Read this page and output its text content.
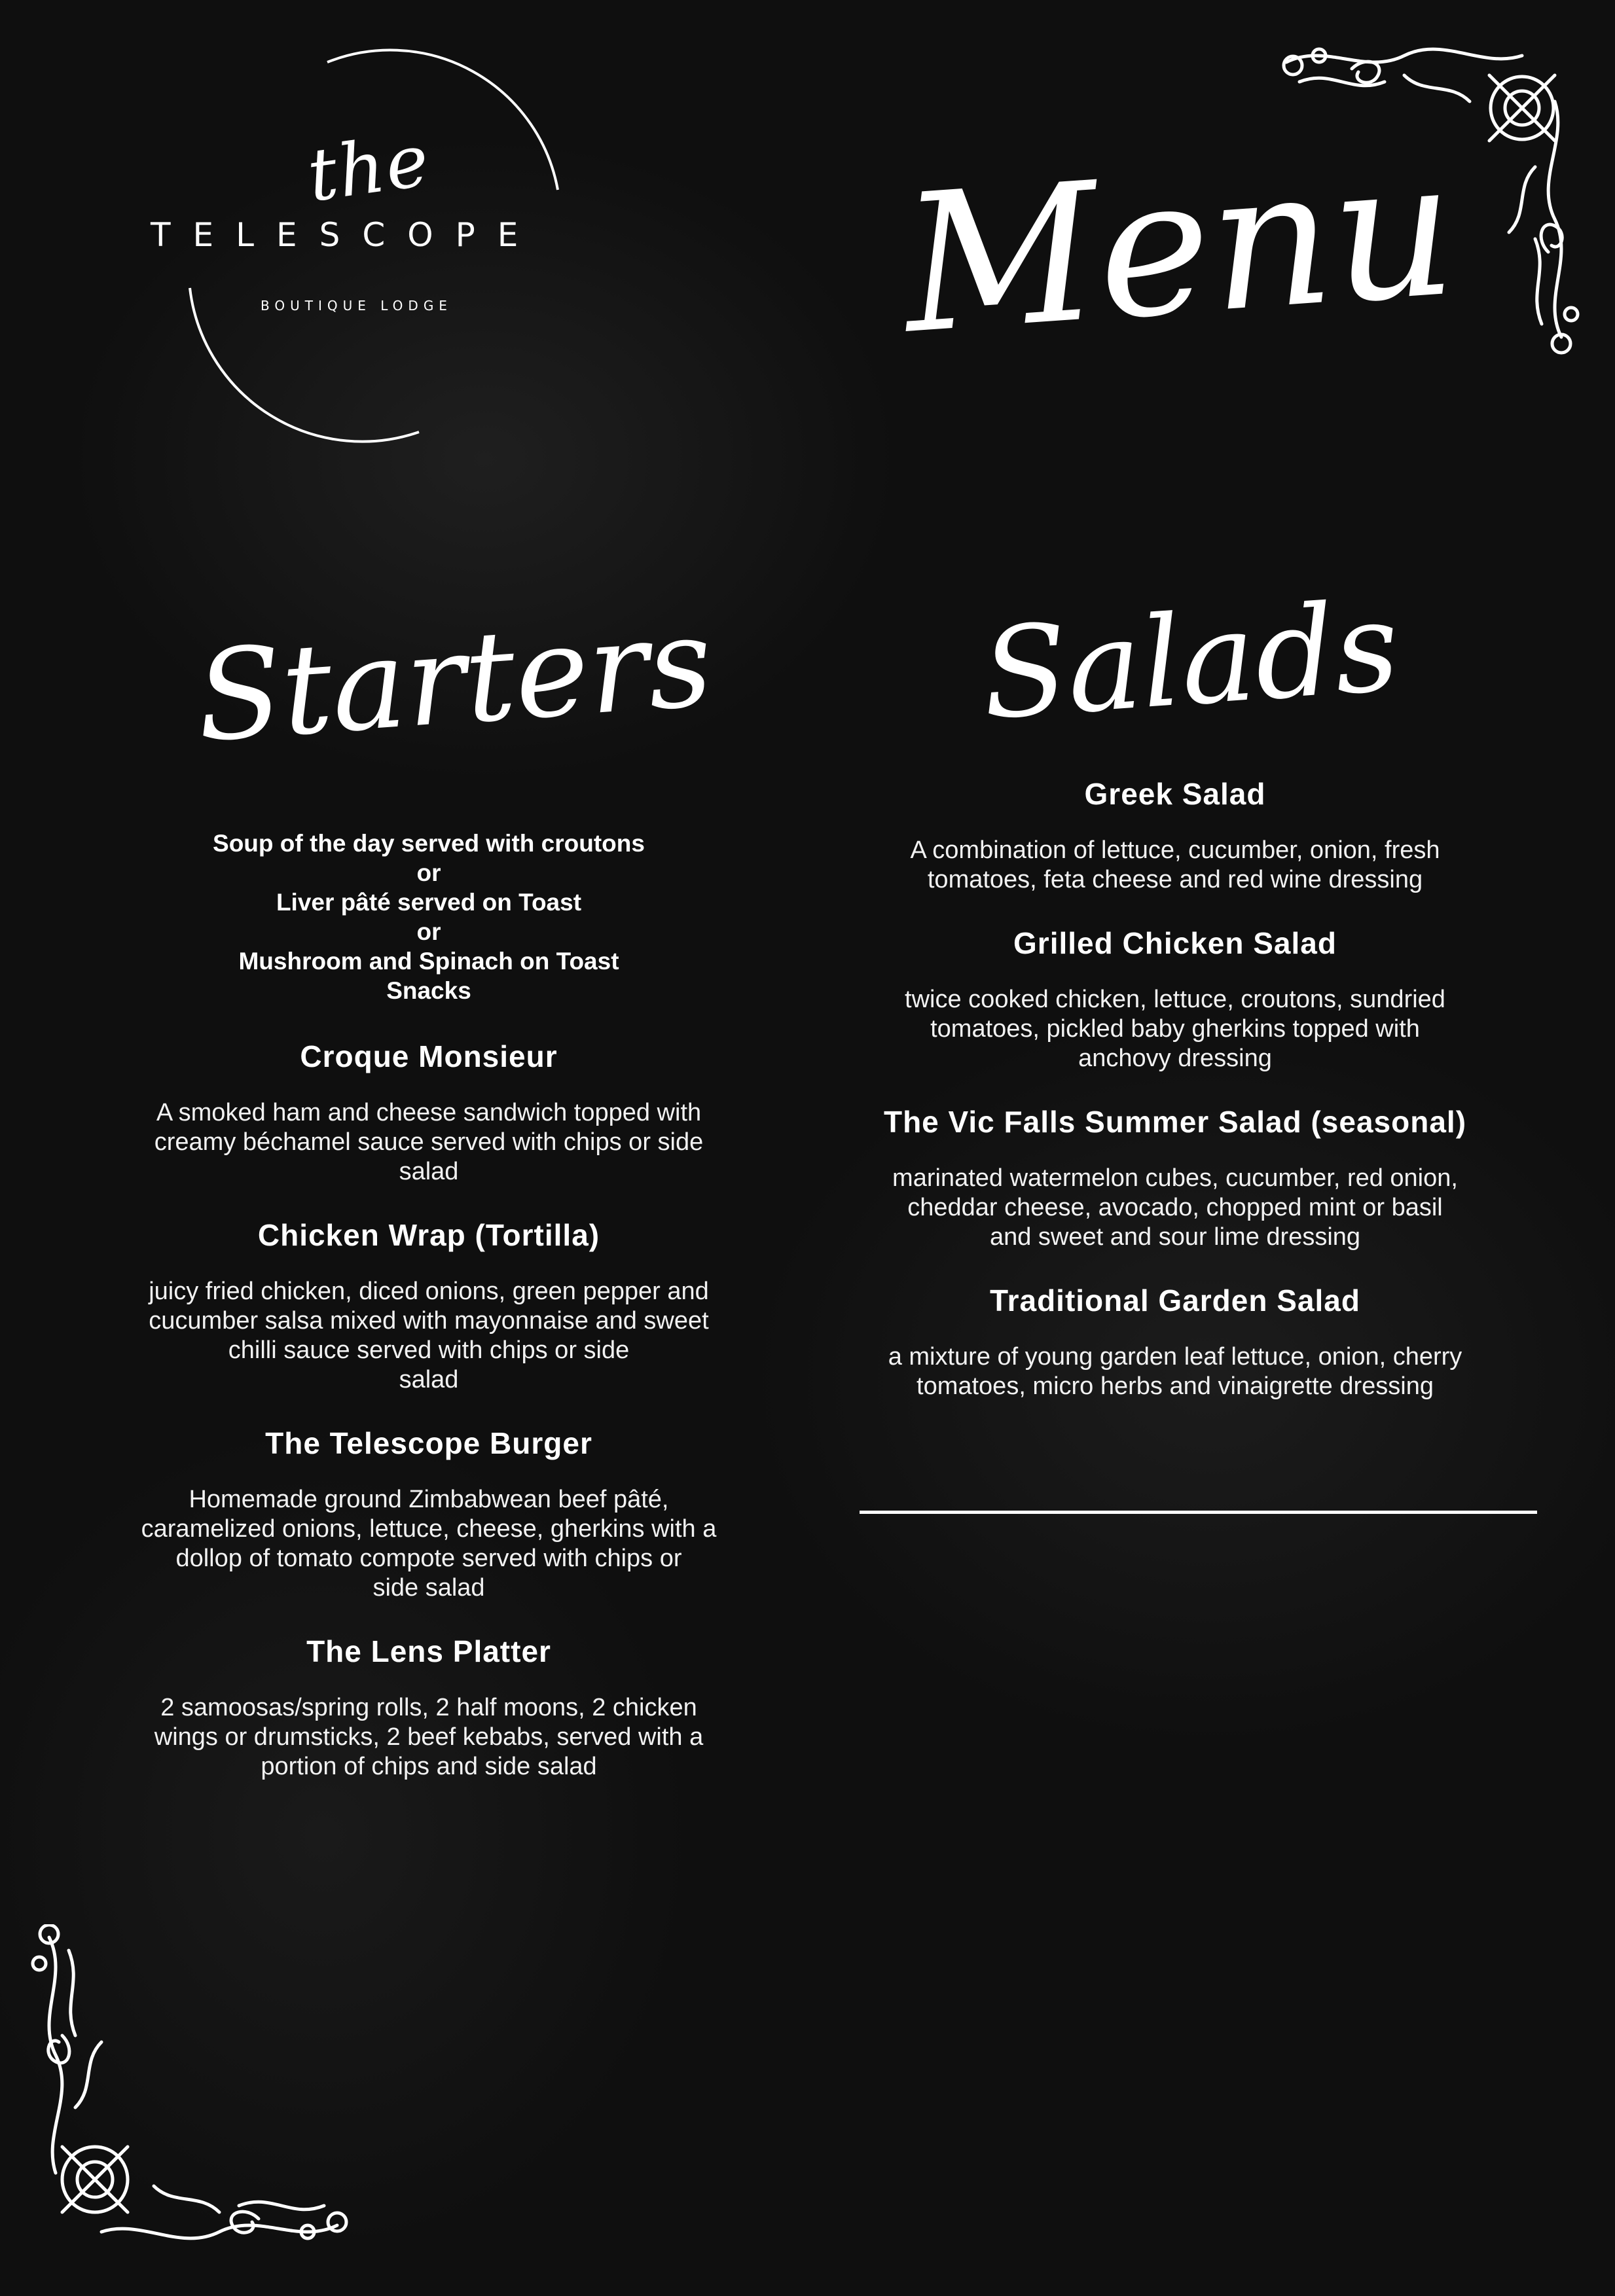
the
TELESCOPE
BOUTIQUE LODGE	Menu
Starters Salads

Soup of the day served with croutons

or

Liver pâté served on Toast

or

Mushroom and Spinach on Toast

Snacks

Croque Monsieur

A smoked ham and cheese sandwich topped with
creamy béchamel sauce served with chips or side
salad

Chicken Wrap (Tortilla)

juicy fried chicken, diced onions, green pepper and
cucumber salsa mixed with mayonnaise and sweet
chilli sauce served with chips or side
salad

The Telescope Burger

Homemade ground Zimbabwean beef pâté,
caramelized onions, lettuce, cheese, gherkins with a
dollop of tomato compote served with chips or
side salad

The Lens Platter

2 samoosas/spring rolls, 2 half moons, 2 chicken
wings or drumsticks, 2 beef kebabs, served with a
portion of chips and side salad

Greek Salad

A combination of lettuce, cucumber, onion, fresh
tomatoes, feta cheese and red wine dressing

Grilled Chicken Salad

twice cooked chicken, lettuce, croutons, sundried
tomatoes, pickled baby gherkins topped with
anchovy dressing

The Vic Falls Summer Salad (seasonal)

marinated watermelon cubes, cucumber, red onion,
cheddar cheese, avocado, chopped mint or basil
and sweet and sour lime dressing

Traditional Garden Salad

a mixture of young garden leaf lettuce, onion, cherry
tomatoes, micro herbs and vinaigrette dressing
